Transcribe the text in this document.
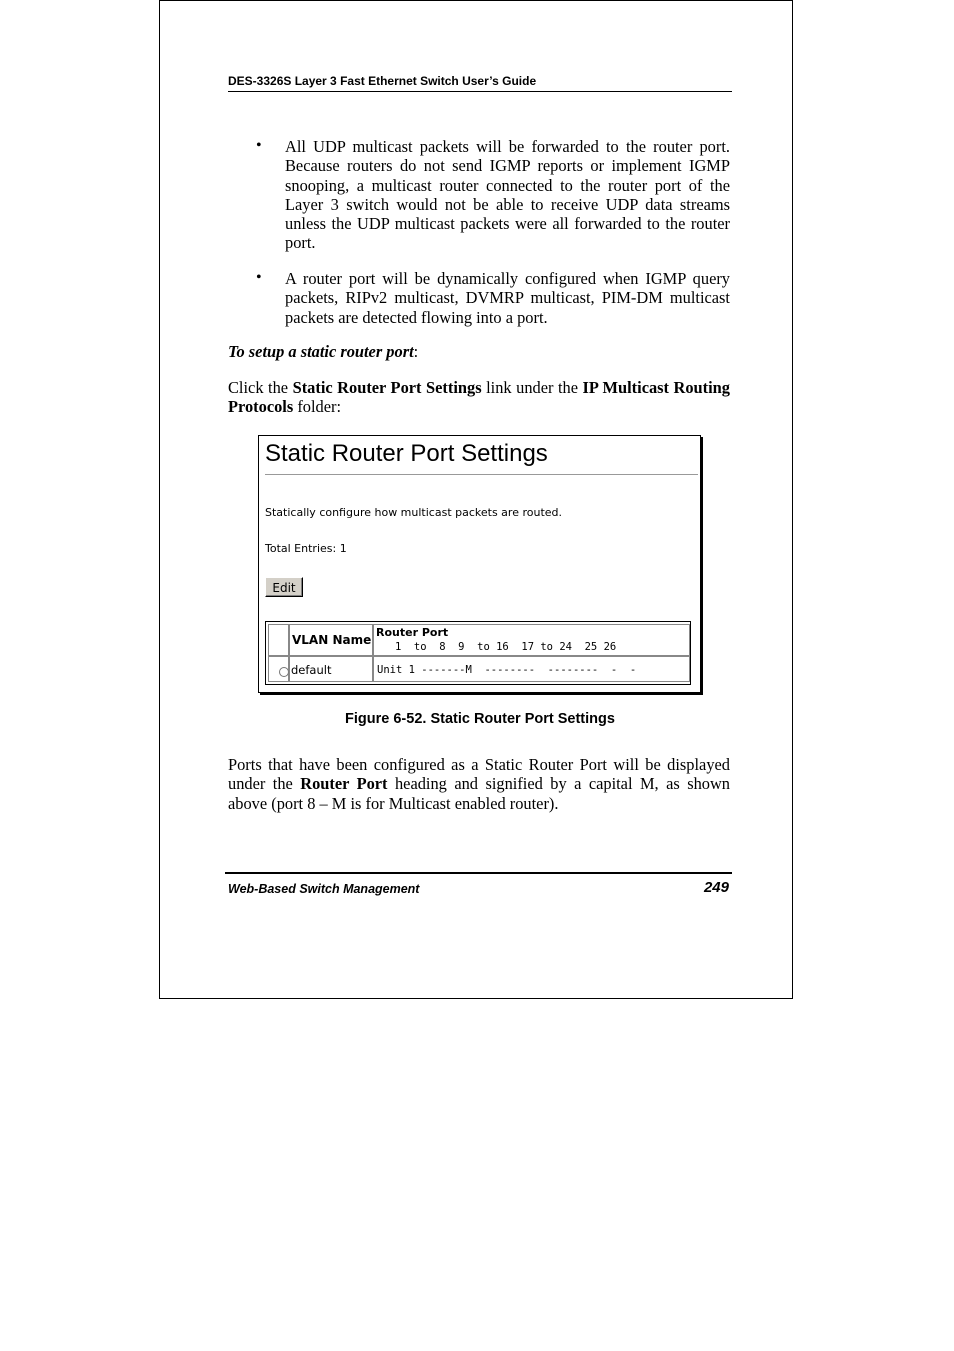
DES-3326S Layer 3 Fast Ethernet Switch User’s Guide
• All UDP multicast packets will be forwarded to the router port. Because routers do not send IGMP reports or implement IGMP snooping, a multicast router connected to the router port of the Layer 3 switch would not be able to receive UDP data streams unless the UDP multicast packets were all forwarded to the router port.
• A router port will be dynamically configured when IGMP query packets, RIPv2 multicast, DVMRP multicast, PIM-DM multicast packets are detected flowing into a port.
To setup a static router port:
Click the Static Router Port Settings link under the IP Multicast Routing Protocols folder:
Static Router Port Settings
Statically configure how multicast packets are routed.
Total Entries: 1
Edit
VLAN Name
Router Port
1  to  8  9  to 16  17 to 24  25 26
default	Unit 1 -------M  --------  --------  -  -
Figure 6-52. Static Router Port Settings
Ports that have been configured as a Static Router Port will be displayed under the Router Port heading and signified by a capital M, as shown above (port 8 – M is for Multicast enabled router).
Web-Based Switch Management	249
